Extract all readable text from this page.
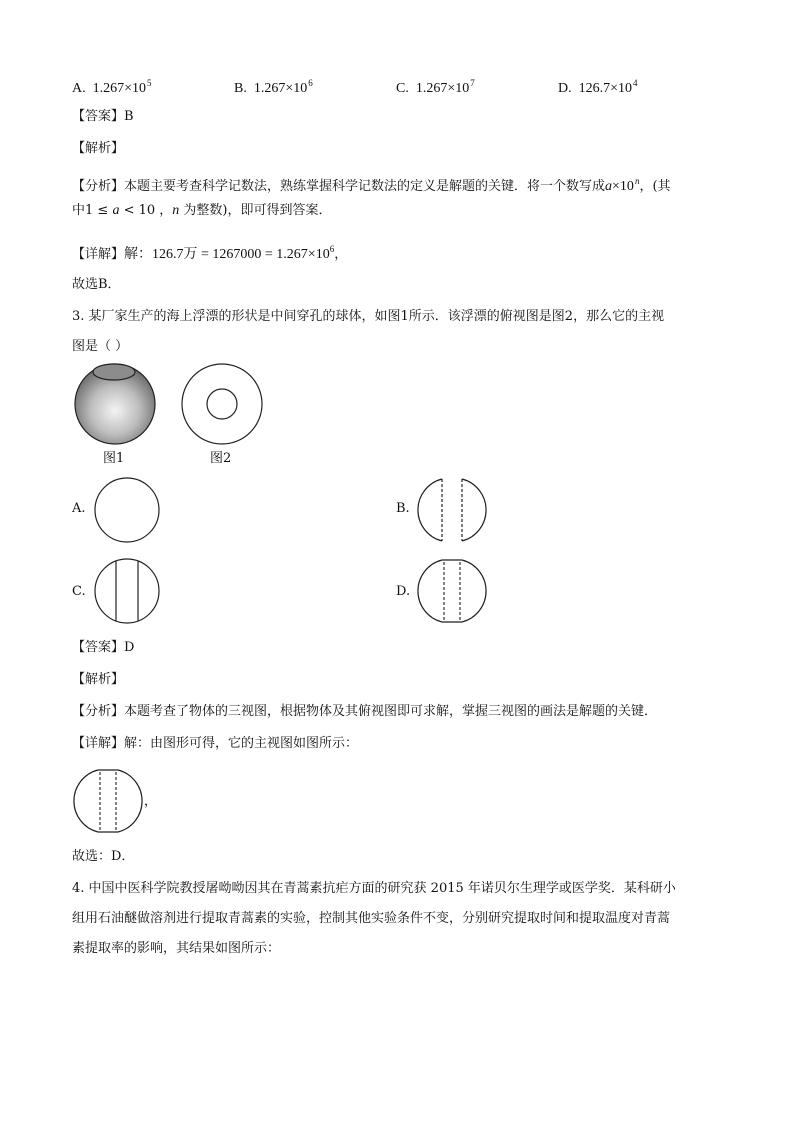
A. $1.267\times 10^5$	B. $1.267\times 10^6$	C. $1.267\times 10^7$	D. $126.7\times 10^4$
【答案】B
【解析】
【分析】本题主要考查科学记数法，熟练掌握科学记数法的定义是解题的关键．将一个数写成$a\times 10^n$，(其
中1 ≤ a < 10 ，n 为整数)，即可得到答案．
【详解】解：126.7万 = $1267000 = 1.267\times 10^6$，
故选B．
3. 某厂家生产的海上浮漂的形状是中间穿孔的球体，如图1所示．该浮漂的俯视图是图2，那么它的主视
图是（ ）
图1	图2
A.	B.
C.	D.
【答案】D
【解析】
【分析】本题考查了物体的三视图，根据物体及其俯视图即可求解，掌握三视图的画法是解题的关键．
【详解】解：由图形可得，它的主视图如图所示：
，
故选：D．
4. 中国中医科学院教授屠呦呦因其在青蒿素抗疟方面的研究获 2015 年诺贝尔生理学或医学奖．某科研小
组用石油醚做溶剂进行提取青蒿素的实验，控制其他实验条件不变，分别研究提取时间和提取温度对青蒿
素提取率的影响，其结果如图所示：
